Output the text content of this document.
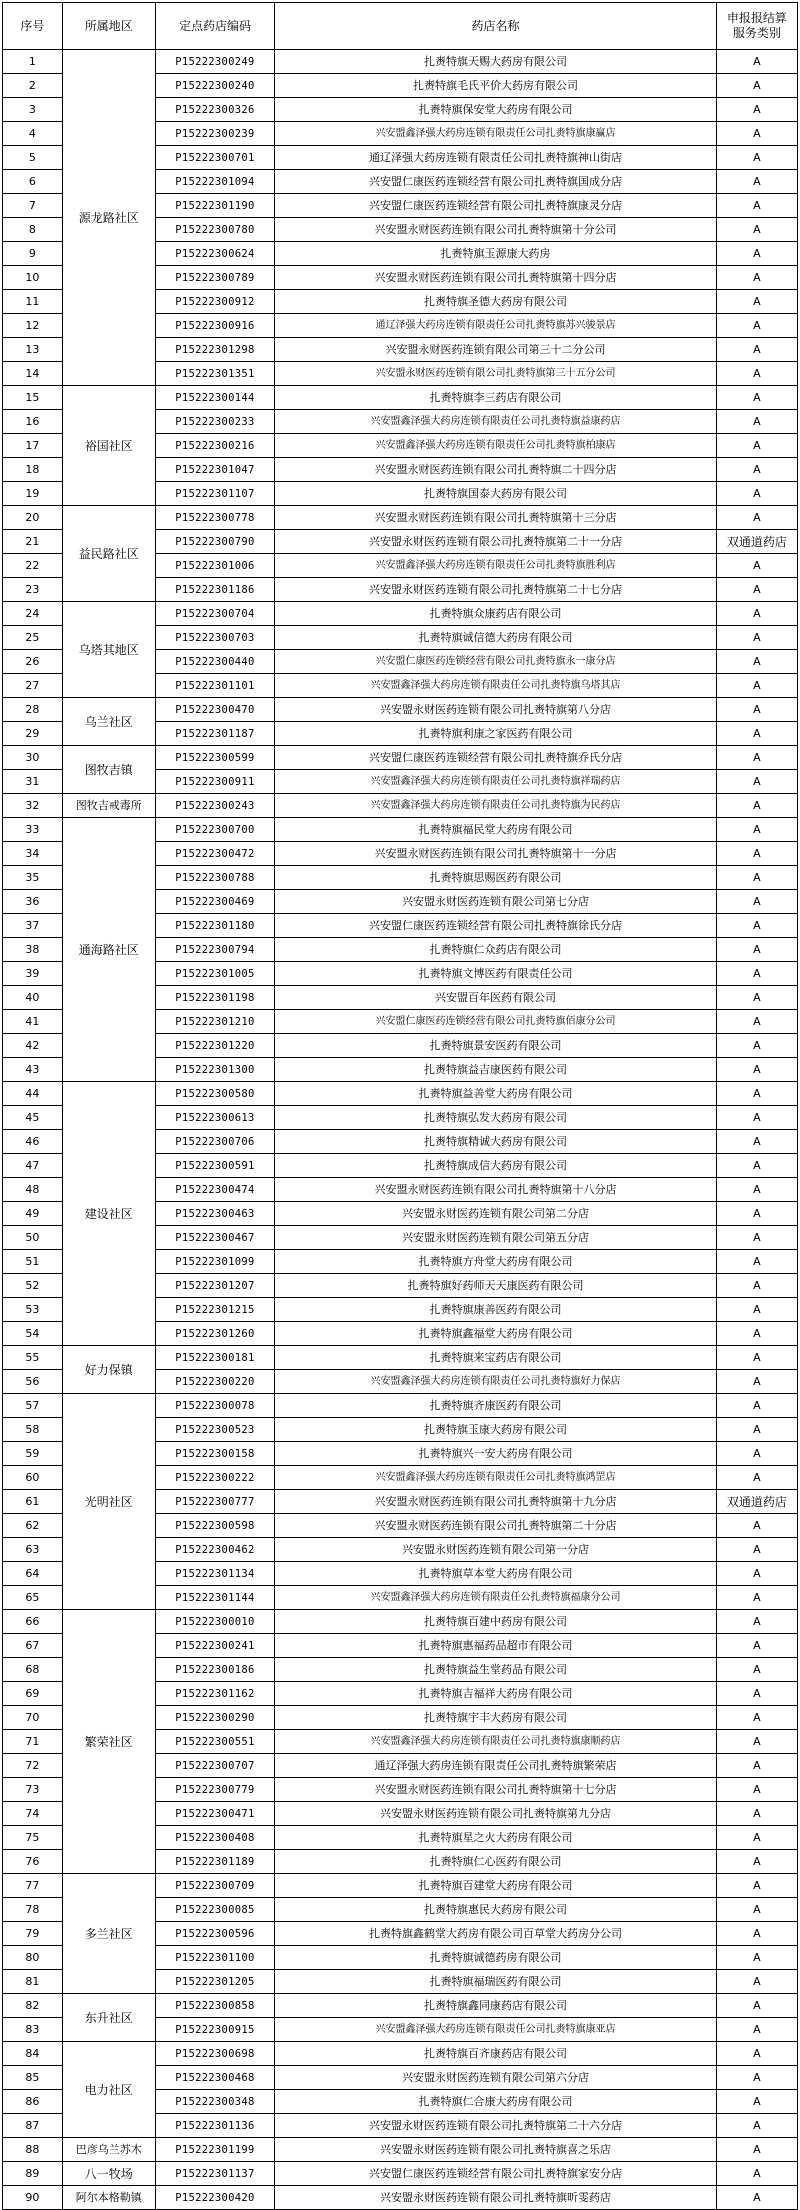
序号	所属地区	定点药店编码	药店名称	申报报结算
服务类别

1	源龙路社区	P15222300249	扎赉特旗天赐大药房有限公司	A
2		P15222300240	扎赉特旗毛氏平价大药房有限公司	A
3		P15222300326	扎赉特旗保安堂大药房有限公司	A
4		P15222300239	兴安盟鑫泽强大药房连锁有限责任公司扎赉特旗康赢店	A
5		P15222300701	通辽泽强大药房连锁有限责任公司扎赉特旗神山街店	A
6		P15222301094	兴安盟仁康医药连锁经营有限公司扎赉特旗国成分店	A
7		P15222301190	兴安盟仁康医药连锁经营有限公司扎赉特旗康灵分店	A
8		P15222300780	兴安盟永财医药连锁有限公司扎赉特旗第十分公司	A
9		P15222300624	扎赉特旗玉源康大药房	A
10		P15222300789	兴安盟永财医药连锁有限公司扎赉特旗第十四分店	A
11		P15222300912	扎赉特旗圣德大药房有限公司	A
12		P15222300916	通辽泽强大药房连锁有限责任公司扎赉特旗苏兴骏景店	A
13		P15222301298	兴安盟永财医药连锁有限公司第三十二分公司	A
14		P15222301351	兴安盟永财医药连锁有限公司扎赉特旗第三十五分公司	A
15	裕国社区	P15222300144	扎赉特旗李三药店有限公司	A
16		P15222300233	兴安盟鑫泽强大药房连锁有限责任公司扎赉特旗益康药店	A
17		P15222300216	兴安盟鑫泽强大药房连锁有限责任公司扎赉特旗柏康店	A
18		P15222301047	兴安盟永财医药连锁有限公司扎赉特旗二十四分店	A
19		P15222301107	扎赉特旗国泰大药房有限公司	A
20	益民路社区	P15222300778	兴安盟永财医药连锁有限公司扎赉特旗第十三分店	A
21		P15222300790	兴安盟永财医药连锁有限公司扎赉特旗第二十一分店	双通道药店
22		P15222301006	兴安盟鑫泽强大药房连锁有限责任公司扎赉特旗胜利店	A
23		P15222301186	兴安盟永财医药连锁有限公司扎赉特旗第二十七分店	A
24	乌塔其地区	P15222300704	扎赉特旗众康药店有限公司	A
25		P15222300703	扎赉特旗诚信德大药房有限公司	A
26		P15222300440	兴安盟仁康医药连锁经营有限公司扎赉特旗永一康分店	A
27		P15222301101	兴安盟鑫泽强大药房连锁有限责任公司扎赉特旗乌塔其店	A
28	乌兰社区	P15222300470	兴安盟永财医药连锁有限公司扎赉特旗第八分店	A
29		P15222301187	扎赉特旗利康之家医药有限公司	A
30	图牧吉镇	P15222300599	兴安盟仁康医药连锁经营有限公司扎赉特旗乔氏分店	A
31		P15222300911	兴安盟鑫泽强大药房连锁有限责任公司扎赉特旗祥瑞药店	A
32	图牧吉戒毒所	P15222300243	兴安盟鑫泽强大药房连锁有限责任公司扎赉特旗为民药店	A
33	通海路社区	P15222300700	扎赉特旗福民堂大药房有限公司	A
34		P15222300472	兴安盟永财医药连锁有限公司扎赉特旗第十一分店	A
35		P15222300788	扎赉特旗思赐医药有限公司	A
36		P15222300469	兴安盟永财医药连锁有限公司第七分店	A
37		P15222301180	兴安盟仁康医药连锁经营有限公司扎赉特旗徐氏分店	A
38		P15222300794	扎赉特旗仁众药店有限公司	A
39		P15222301005	扎赉特旗文博医药有限责任公司	A
40		P15222301198	兴安盟百年医药有限公司	A
41		P15222301210	兴安盟仁康医药连锁经营有限公司扎赉特旗佰康分公司	A
42		P15222301220	扎赉特旗景安医药有限公司	A
43		P15222301300	扎赉特旗益吉康医药有限公司	A
44	建设社区	P15222300580	扎赉特旗益善堂大药房有限公司	A
45		P15222300613	扎赉特旗弘发大药房有限公司	A
46		P15222300706	扎赉特旗精诚大药房有限公司	A
47		P15222300591	扎赉特旗成信大药房有限公司	A
48		P15222300474	兴安盟永财医药连锁有限公司扎赉特旗第十八分店	A
49		P15222300463	兴安盟永财医药连锁有限公司第二分店	A
50		P15222300467	兴安盟永财医药连锁有限公司第五分店	A
51		P15222301099	扎赉特旗方舟堂大药房有限公司	A
52		P15222301207	扎赉特旗好药师天天康医药有限公司	A
53		P15222301215	扎赉特旗康善医药有限公司	A
54		P15222301260	扎赉特旗鑫福堂大药房有限公司	A
55	好力保镇	P15222300181	扎赉特旗来宝药店有限公司	A
56		P15222300220	兴安盟鑫泽强大药房连锁有限责任公司扎赉特旗好力保店	A
57	光明社区	P15222300078	扎赉特旗齐康医药有限公司	A
58		P15222300523	扎赉特旗玉康大药房有限公司	A
59		P15222300158	扎赉特旗兴一安大药房有限公司	A
60		P15222300222	兴安盟鑫泽强大药房连锁有限责任公司扎赉特旗鸿罡店	A
61		P15222300777	兴安盟永财医药连锁有限公司扎赉特旗第十九分店	双通道药店
62		P15222300598	兴安盟永财医药连锁有限公司扎赉特旗第二十分店	A
63		P15222300462	兴安盟永财医药连锁有限公司第一分店	A
64		P15222301134	扎赉特旗草本堂大药房有限公司	A
65		P15222301144	兴安盟鑫泽强大药房连锁有限责任公扎赉特旗福康分公司	A
66	繁荣社区	P15222300010	扎赉特旗百建中药房有限公司	A
67		P15222300241	扎赉特旗惠福药品超市有限公司	A
68		P15222300186	扎赉特旗益生堂药品有限公司	A
69		P15222301162	扎赉特旗吉福祥大药房有限公司	A
70		P15222300290	扎赉特旗宇丰大药房有限公司	A
71		P15222300551	兴安盟鑫泽强大药房连锁有限责任公司扎赉特旗康顺药店	A
72		P15222300707	通辽泽强大药房连锁有限责任公司扎赉特旗繁荣店	A
73		P15222300779	兴安盟永财医药连锁有限公司扎赉特旗第十七分店	A
74		P15222300471	兴安盟永财医药连锁有限公司扎赉特旗第九分店	A
75		P15222300408	扎赉特旗星之火大药房有限公司	A
76		P15222301189	扎赉特旗仁心医药有限公司	A
77	多兰社区	P15222300709	扎赉特旗百建堂大药房有限公司	A
78		P15222300085	扎赉特旗惠民大药房有限公司	A
79		P15222300596	扎赉特旗鑫鹤堂大药房有限公司百草堂大药房分公司	A
80		P15222301100	扎赉特旗诚德药房有限公司	A
81		P15222301205	扎赉特旗福瑞医药有限公司	A
82	东升社区	P15222300858	扎赉特旗鑫同康药店有限公司	A
83		P15222300915	兴安盟鑫泽强大药房连锁有限责任公司扎赉特旗康亚店	A
84	电力社区	P15222300698	扎赉特旗百齐康药店有限公司	A
85		P15222300468	兴安盟永财医药连锁有限公司第六分店	A
86		P15222300348	扎赉特旗仁合康大药房有限公司	A
87		P15222301136	兴安盟永财医药连锁有限公司扎赉特旗第二十六分店	A
88	巴彦乌兰苏木	P15222301199	兴安盟永财医药连锁有限公司扎赉特旗喜之乐店	A
89	八一牧场	P15222301137	兴安盟仁康医药连锁经营有限公司扎赉特旗家安分店	A
90	阿尔本格勒镇	P15222300420	兴安盟永财医药连锁有限公司扎赉特旗昕雯药店	A
